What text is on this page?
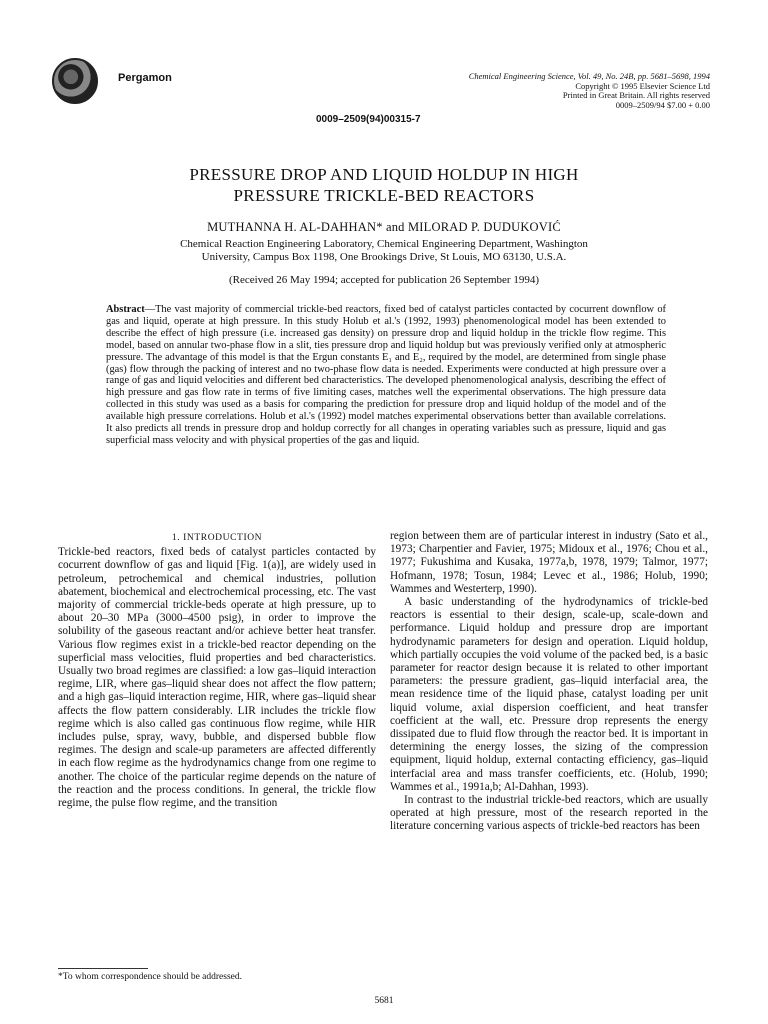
Pergamon	Chemical Engineering Science, Vol. 49, No. 24B, pp. 5681–5698, 1994
Copyright © 1995 Elsevier Science Ltd
Printed in Great Britain. All rights reserved
0009–2509/94 $7.00 + 0.00
0009–2509(94)00315-7
PRESSURE DROP AND LIQUID HOLDUP IN HIGH
PRESSURE TRICKLE-BED REACTORS
MUTHANNA H. AL-DAHHAN* and MILORAD P. DUDUKOVIĆ
Chemical Reaction Engineering Laboratory, Chemical Engineering Department, Washington
University, Campus Box 1198, One Brookings Drive, St Louis, MO 63130, U.S.A.
(Received 26 May 1994; accepted for publication 26 September 1994)
Abstract—The vast majority of commercial trickle-bed reactors, fixed bed of catalyst particles contacted by cocurrent downflow of gas and liquid, operate at high pressure. In this study Holub et al.'s (1992, 1993) phenomenological model has been extended to describe the effect of high pressure (i.e. increased gas density) on pressure drop and liquid holdup in the trickle flow regime. This model, based on annular two-phase flow in a slit, ties pressure drop and liquid holdup but was previously verified only at atmospheric pressure. The advantage of this model is that the Ergun constants E₁ and E₂, required by the model, are determined from single phase (gas) flow through the packing of interest and no two-phase flow data is needed. Experiments were conducted at high pressure over a range of gas and liquid velocities and different bed characteristics. The developed phenomenological analysis, describing the effect of high pressure and gas flow rate in terms of five limiting cases, matches well the experimental observations. The high pressure data collected in this study was used as a basis for comparing the prediction for pressure drop and liquid holdup of the model and of the available high pressure correlations. Holub et al.'s (1992) model matches experimental observations better than available correlations. It also predicts all trends in pressure drop and holdup correctly for all changes in operating variables such as pressure, liquid and gas superficial mass velocity and with physical properties of the gas and liquid.
1. INTRODUCTION

Trickle-bed reactors, fixed beds of catalyst particles contacted by cocurrent downflow of gas and liquid [Fig. 1(a)], are widely used in petroleum, petrochemical and chemical industries, pollution abatement, biochemical and electrochemical processing, etc. The vast majority of commercial trickle-beds operate at high pressure, up to about 20–30 MPa (3000–4500 psig), in order to improve the solubility of the gaseous reactant and/or achieve better heat transfer. Various flow regimes exist in a trickle-bed reactor depending on the superficial mass velocities, fluid properties and bed characteristics. Usually two broad regimes are classified: a low gas–liquid interaction regime, LIR, where gas–liquid shear does not affect the flow pattern; and a high gas–liquid interaction regime, HIR, where gas–liquid shear affects the flow pattern considerably. LIR includes the trickle flow regime which is also called gas continuous flow regime, while HIR includes pulse, spray, wavy, bubble, and dispersed bubble flow regimes. The design and scale-up parameters are affected differently in each flow regime as the hydrodynamics change from one regime to another. The choice of the particular regime depends on the nature of the reaction and the process conditions. In general, the trickle flow regime, the pulse flow regime, and the transition

region between them are of particular interest in industry (Sato et al., 1973; Charpentier and Favier, 1975; Midoux et al., 1976; Chou et al., 1977; Fukushima and Kusaka, 1977a,b, 1978, 1979; Talmor, 1977; Hofmann, 1978; Tosun, 1984; Levec et al., 1986; Holub, 1990; Wammes and Westerterp, 1990).

A basic understanding of the hydrodynamics of trickle-bed reactors is essential to their design, scale-up, scale-down and performance. Liquid holdup and pressure drop are important hydrodynamic parameters for design and operation. Liquid holdup, which partially occupies the void volume of the packed bed, is a basic parameter for reactor design because it is related to other important parameters: the pressure gradient, gas–liquid interfacial area, the mean residence time of the liquid phase, catalyst loading per unit liquid volume, axial dispersion coefficient, and heat transfer coefficient at the wall, etc. Pressure drop represents the energy dissipated due to fluid flow through the reactor bed. It is important in determining the energy losses, the sizing of the compression equipment, liquid holdup, external contacting efficiency, gas–liquid interfacial area and mass transfer coefficients, etc. (Holub, 1990; Wammes et al., 1991a,b; Al-Dahhan, 1993).

In contrast to the industrial trickle-bed reactors, which are usually operated at high pressure, most of the research reported in the literature concerning various aspects of trickle-bed reactors has been

*To whom correspondence should be addressed.
5681
